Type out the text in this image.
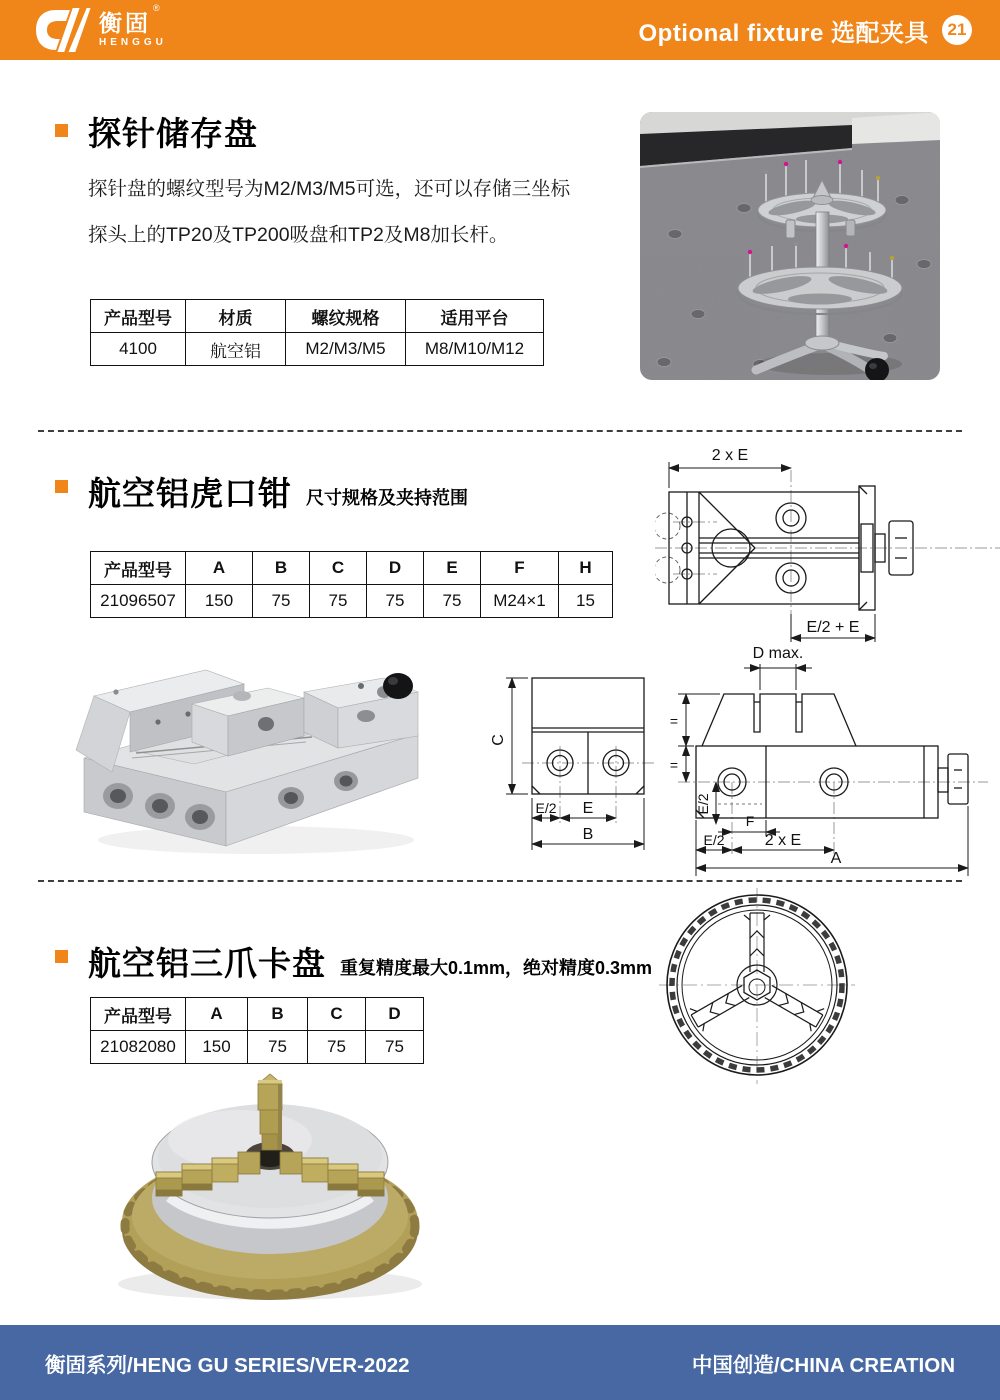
衡固®
HENGGU	Optional fixture 选配夹具	21
探针储存盘
探针盘的螺纹型号为M2/M3/M5可选，还可以存储三坐标
探头上的TP20及TP200吸盘和TP2及M8加长杆。
产品型号	材质	螺纹规格	适用平台
4100	航空铝	M2/M3/M5	M8/M10/M12
航空铝虎口钳 尺寸规格及夹持范围
产品型号	A	B	C	D	E	F	H
21096507	150	75	75	75	75	M24×1	15
2 x E
E/2 + E
C
E/2 E
B
D max.
=
=
E/2
F
E/2	2 x E
A
航空铝三爪卡盘 重复精度最大0.1mm，绝对精度0.3mm
产品型号	A	B	C	D
21082080	150	75	75	75
衡固系列/HENG GU SERIES/VER-2022	中国创造/CHINA CREATION
